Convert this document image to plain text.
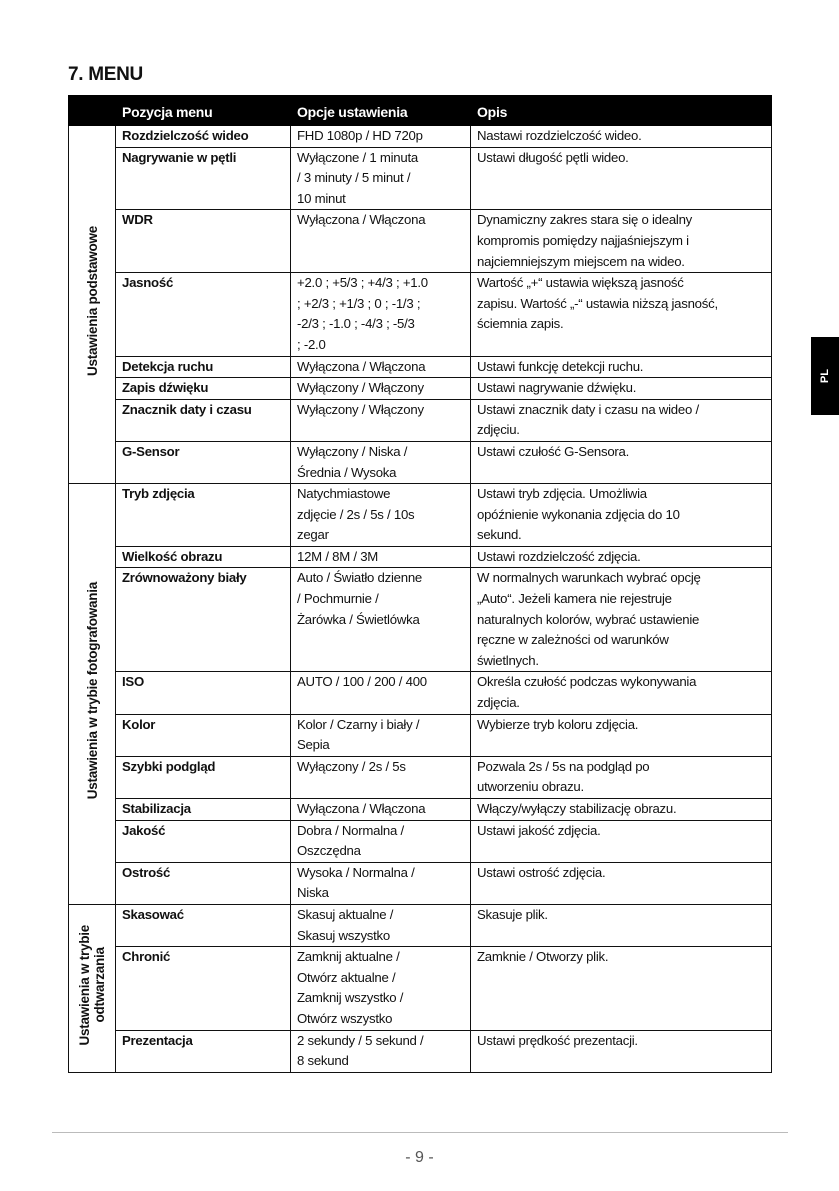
7. MENU
	Pozycja menu	Opcje ustawienia	Opis
Ustawienia podstawowe	Rozdzielczość wideo	FHD 1080p / HD 720p	Nastawi rozdzielczość wideo.
	Nagrywanie w pętli	Wyłączone / 1 minuta
/ 3 minuty / 5 minut /
10 minut	Ustawi długość pętli wideo.
	WDR	Wyłączona / Włączona	Dynamiczny zakres stara się o idealny
kompromis pomiędzy najjaśniejszym i
najciemniejszym miejscem na wideo.
	Jasność	+2.0 ; +5/3 ; +4/3 ; +1.0
; +2/3 ; +1/3 ; 0 ; -1/3 ;
-2/3 ; -1.0 ; -4/3 ; -5/3
; -2.0	Wartość „+“ ustawia większą jasność
zapisu. Wartość „-“ ustawia niższą jasność,
ściemnia zapis.
	Detekcja ruchu	Wyłączona / Włączona	Ustawi funkcję detekcji ruchu.
	Zapis dźwięku	Wyłączony / Włączony	Ustawi nagrywanie dźwięku.
	Znacznik daty i czasu	Wyłączony / Włączony	Ustawi znacznik daty i czasu na wideo /
zdjęciu.
	G-Sensor	Wyłączony / Niska /
Średnia / Wysoka	Ustawi czułość G-Sensora.
Ustawienia w trybie fotografowania	Tryb zdjęcia	Natychmiastowe
zdjęcie / 2s / 5s / 10s
zegar	Ustawi tryb zdjęcia. Umożliwia
opóźnienie wykonania zdjęcia do 10
sekund.
	Wielkość obrazu	12M / 8M / 3M	Ustawi rozdzielczość zdjęcia.
	Zrównoważony biały	Auto / Światło dzienne
/ Pochmurnie /
Żarówka / Świetlówka	W normalnych warunkach wybrać opcję
„Auto“. Jeżeli kamera nie rejestruje
naturalnych kolorów, wybrać ustawienie
ręczne w zależności od warunków
świetlnych.
	ISO	AUTO / 100 / 200 / 400	Określa czułość podczas wykonywania
zdjęcia.
	Kolor	Kolor / Czarny i biały /
Sepia	Wybierze tryb koloru zdjęcia.
	Szybki podgląd	Wyłączony / 2s / 5s	Pozwala 2s / 5s na podgląd po
utworzeniu obrazu.
	Stabilizacja	Wyłączona / Włączona	Włączy/wyłączy stabilizację obrazu.
	Jakość	Dobra / Normalna /
Oszczędna	Ustawi jakość zdjęcia.
	Ostrość	Wysoka / Normalna /
Niska	Ustawi ostrość zdjęcia.
Ustawienia w trybie
odtwarzania	Skasować	Skasuj aktualne /
Skasuj wszystko	Skasuje plik.
	Chronić	Zamknij aktualne /
Otwórz aktualne /
Zamknij wszystko /
Otwórz wszystko	Zamknie / Otworzy plik.
	Prezentacja	2 sekundy / 5 sekund /
8 sekund	Ustawi prędkość prezentacji.
PL
- 9 -
